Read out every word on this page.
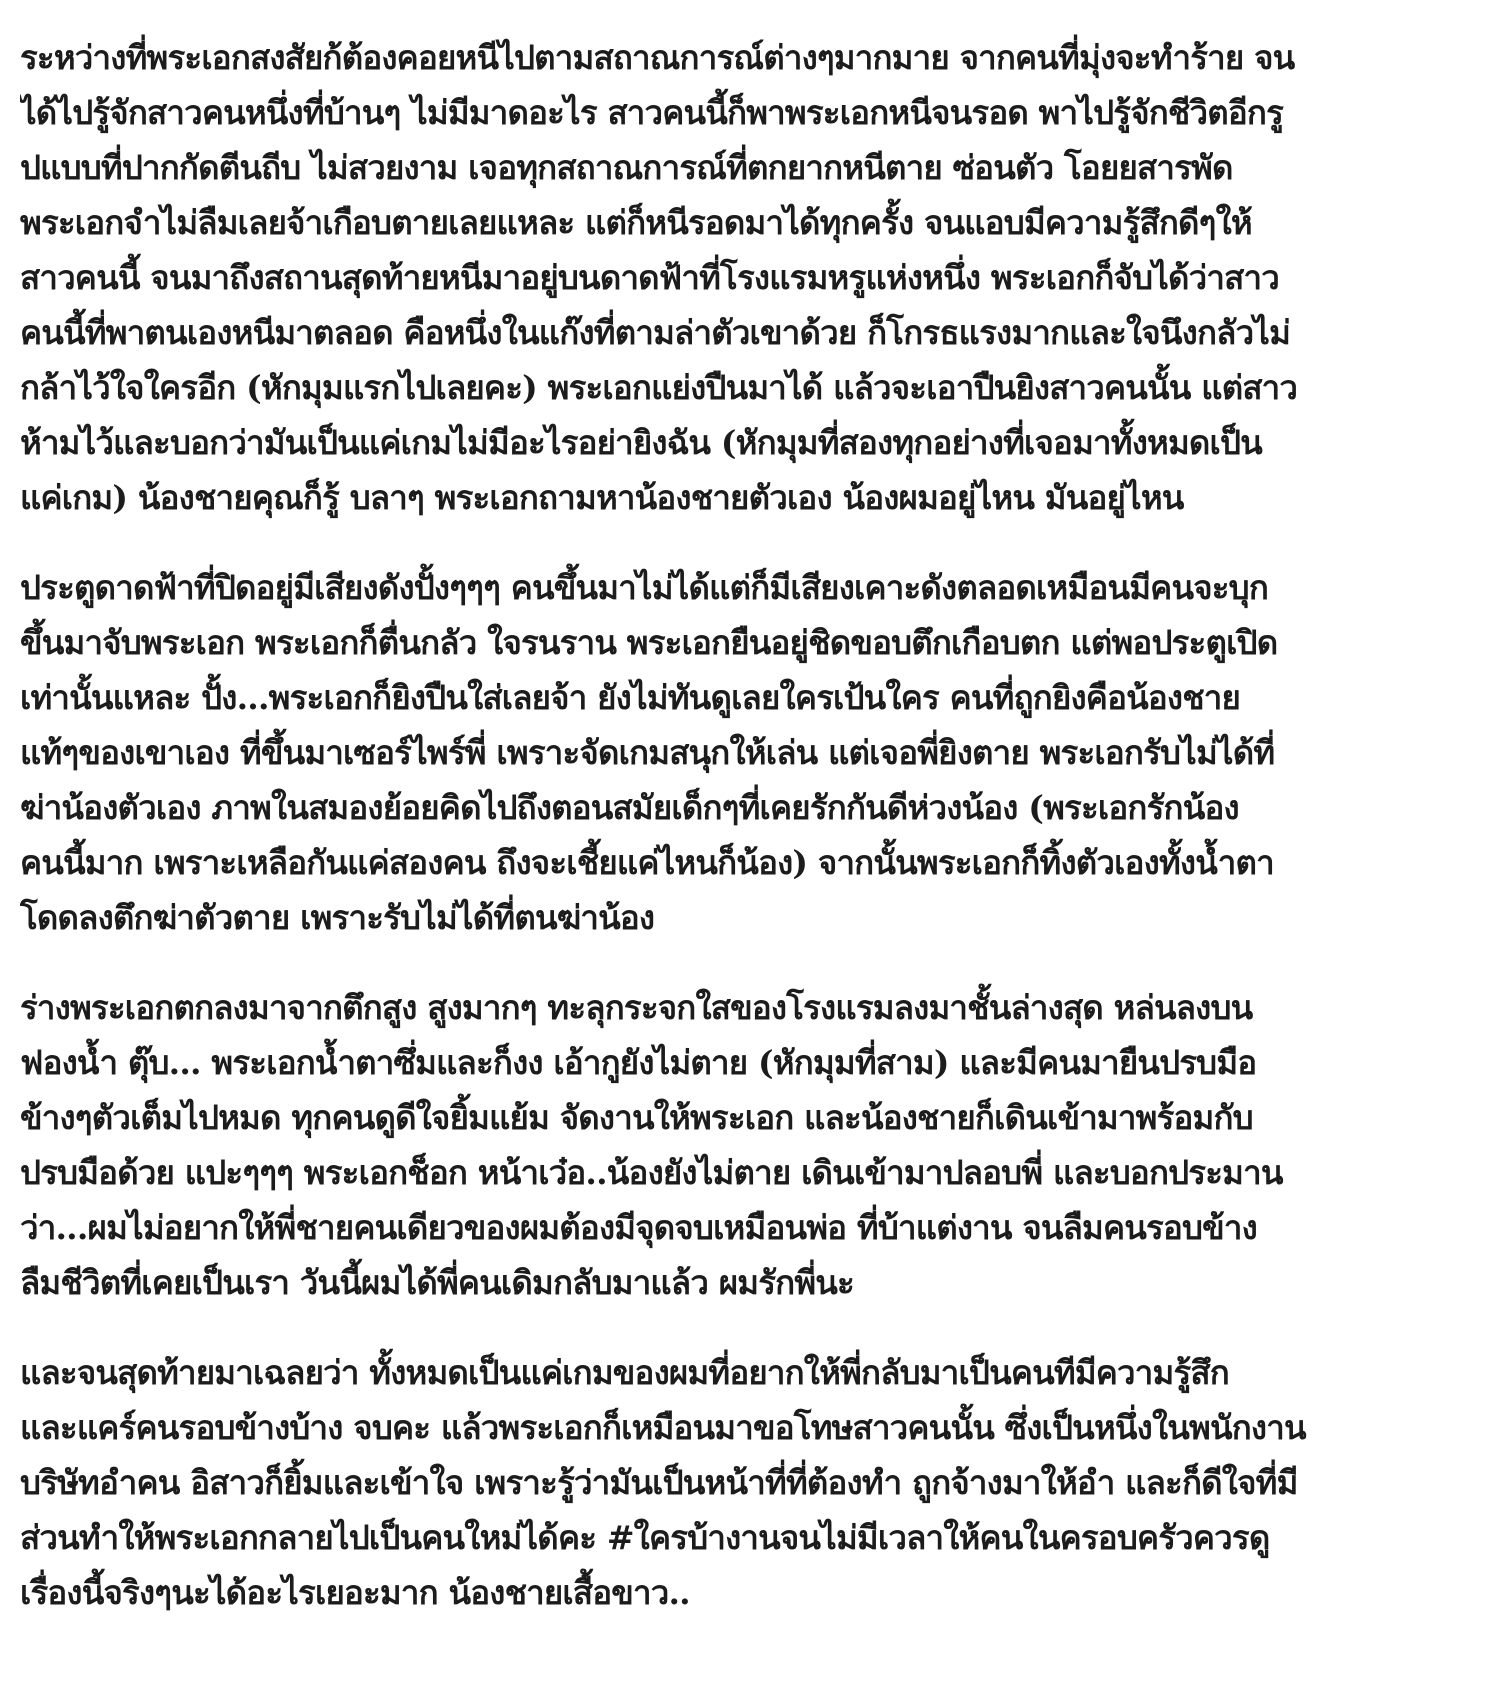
ระหว่างที่พระเอกสงสัยก้ต้องคอยหนีไปตามสถาณการณ์ต่างๆมากมาย จากคนที่มุ่งจะทำร้าย จน
ได้ไปรู้จักสาวคนหนึ่งที่บ้านๆ ไม่มีมาดอะไร สาวคนนี้ก็พาพระเอกหนีจนรอด พาไปรู้จักชีวิตอีกรู
ปแบบที่ปากกัดตีนถีบ ไม่สวยงาม เจอทุกสถาณการณ์ที่ตกยากหนีตาย ซ่อนตัว โอยยสารพัด
พระเอกจำไม่ลืมเลยจ้าเกือบตายเลยแหละ แต่ก็หนีรอดมาได้ทุกครั้ง จนแอบมีความรู้สึกดีๆให้
สาวคนนี้ จนมาถึงสถานสุดท้ายหนีมาอยู่บนดาดฟ้าที่โรงแรมหรูแห่งหนึ่ง พระเอกก็จับได้ว่าสาว
คนนี้ที่พาตนเองหนีมาตลอด คือหนึ่งในแก๊งที่ตามล่าตัวเขาด้วย ก็โกรธแรงมากและใจนึงกลัวไม่
กล้าไว้ใจใครอีก (หักมุมแรกไปเลยคะ) พระเอกแย่งปืนมาได้ แล้วจะเอาปืนยิงสาวคนนั้น แต่สาว
ห้ามไว้และบอกว่ามันเป็นแค่เกมไม่มีอะไรอย่ายิงฉัน (หักมุมที่สองทุกอย่างที่เจอมาทั้งหมดเป็น
แค่เกม) น้องชายคุณก็รู้ บลาๆ พระเอกถามหาน้องชายตัวเอง น้องผมอยู่ไหน มันอยู่ไหน
ประตูดาดฟ้าที่ปิดอยู่มีเสียงดังปั้งๆๆๆ คนขึ้นมาไม่ได้แต่ก็มีเสียงเคาะดังตลอดเหมือนมีคนจะบุก
ขึ้นมาจับพระเอก พระเอกก็ตื่นกลัว ใจรนราน พระเอกยืนอยู่ชิดขอบตึกเกือบตก แต่พอประตูเปิด
เท่านั้นแหละ ปั้ง...พระเอกก็ยิงปืนใส่เลยจ้า ยังไม่ทันดูเลยใครเป้นใคร คนที่ถูกยิงคือน้องชาย
แท้ๆของเขาเอง ที่ขึ้นมาเซอร์ไพร์พี่ เพราะจัดเกมสนุกให้เล่น แต่เจอพี่ยิงตาย พระเอกรับไม่ได้ที่
ฆ่าน้องตัวเอง ภาพในสมองย้อยคิดไปถึงตอนสมัยเด็กๆที่เคยรักกันดีห่วงน้อง (พระเอกรักน้อง
คนนี้มาก เพราะเหลือกันแค่สองคน ถึงจะเชี้ยแค่ไหนก็น้อง) จากนั้นพระเอกก็ทิ้งตัวเองทั้งน้ำตา
โดดลงตึกฆ่าตัวตาย เพราะรับไม่ได้ที่ตนฆ่าน้อง
ร่างพระเอกตกลงมาจากตึกสูง สูงมากๆ ทะลุกระจกใสของโรงแรมลงมาชั้นล่างสุด หล่นลงบน
ฟองน้ำ ตุ๊บ... พระเอกน้ำตาซึ่มและก็งง เอ้ากูยังไม่ตาย (หักมุมที่สาม) และมีคนมายืนปรบมือ
ข้างๆตัวเต็มไปหมด ทุกคนดูดีใจยิ้มแย้ม จัดงานให้พระเอก และน้องชายก็เดินเข้ามาพร้อมกับ
ปรบมือด้วย แปะๆๆๆ พระเอกช็อก หน้าเว๋อ..น้องยังไม่ตาย เดินเข้ามาปลอบพี่ และบอกประมาน
ว่า...ผมไม่อยากให้พี่ชายคนเดียวของผมต้องมีจุดจบเหมือนพ่อ ที่บ้าแต่งาน จนลืมคนรอบข้าง
ลืมชีวิตที่เคยเป็นเรา วันนี้ผมได้พี่คนเดิมกลับมาแล้ว ผมรักพี่นะ
และจนสุดท้ายมาเฉลยว่า ทั้งหมดเป็นแค่เกมของผมที่อยากให้พี่กลับมาเป็นคนทีมีความรู้สึก
และแคร์คนรอบข้างบ้าง จบคะ แล้วพระเอกก็เหมือนมาขอโทษสาวคนนั้น ซึ่งเป็นหนึ่งในพนักงาน
บริษัทอำคน อิสาวก็ยิ้มและเข้าใจ เพราะรู้ว่ามันเป็นหน้าที่ที่ต้องทำ ถูกจ้างมาให้อำ และก็ดีใจที่มี
ส่วนทำให้พระเอกกลายไปเป็นคนใหม่ได้คะ #ใครบ้างานจนไม่มีเวลาให้คนในครอบครัวควรดู
เรื่องนี้จริงๆนะได้อะไรเยอะมาก น้องชายเสื้อขาว..
